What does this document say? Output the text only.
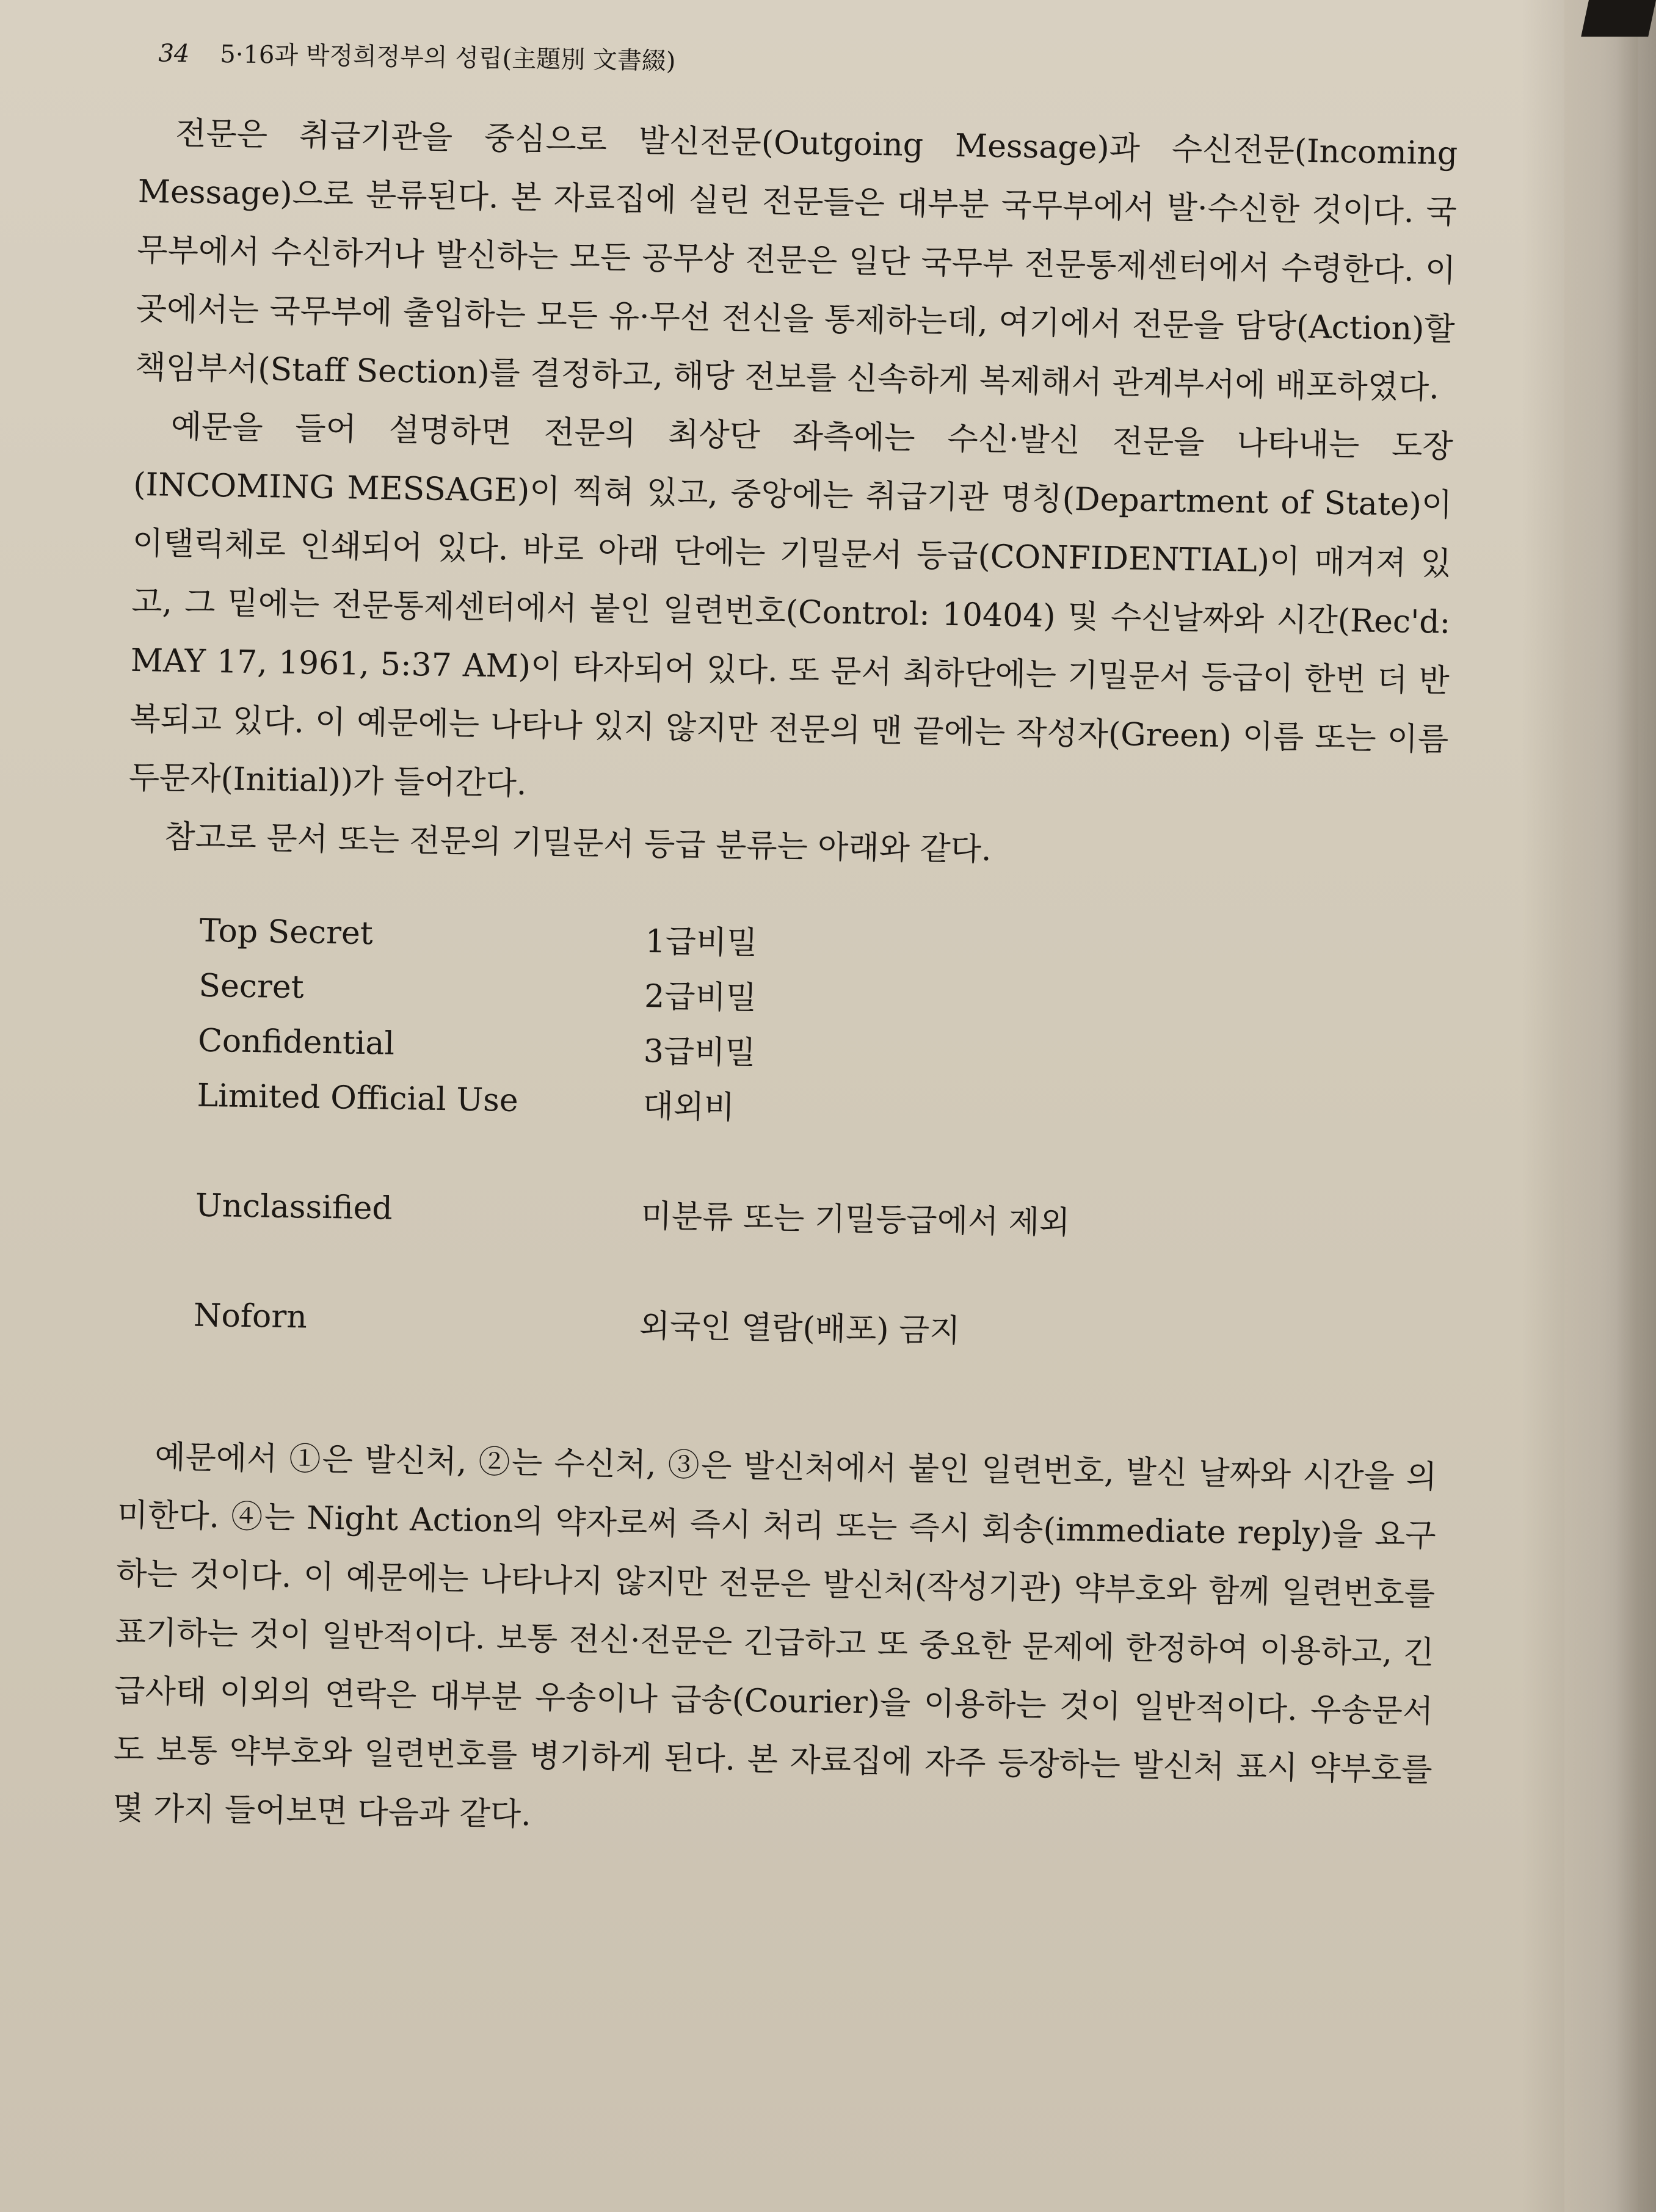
34 5·16과 박정희정부의 성립(主題別 文書綴)
전문은 취급기관을 중심으로 발신전문(Outgoing Message)과 수신전문(Incoming Message)으로 분류된다. 본 자료집에 실린 전문들은 대부분 국무부에서 발·수신한 것이다. 국무부에서 수신하거나 발신하는 모든 공무상 전문은 일단 국무부 전문통제센터에서 수령한다. 이곳에서는 국무부에 출입하는 모든 유·무선 전신을 통제하는데, 여기에서 전문을 담당(Action)할 책임부서(Staff Section)를 결정하고, 해당 전보를 신속하게 복제해서 관계부서에 배포하였다.
예문을 들어 설명하면 전문의 최상단 좌측에는 수신·발신 전문을 나타내는 도장(INCOMING MESSAGE)이 찍혀 있고, 중앙에는 취급기관 명칭(Department of State)이 이탤릭체로 인쇄되어 있다. 바로 아래 단에는 기밀문서 등급(CONFIDENTIAL)이 매겨져 있고, 그 밑에는 전문통제센터에서 붙인 일련번호(Control: 10404) 및 수신날짜와 시간(Rec'd: MAY 17, 1961, 5:37 AM)이 타자되어 있다. 또 문서 최하단에는 기밀문서 등급이 한번 더 반복되고 있다. 이 예문에는 나타나 있지 않지만 전문의 맨 끝에는 작성자(Green) 이름 또는 이름 두문자(Initial))가 들어간다.
참고로 문서 또는 전문의 기밀문서 등급 분류는 아래와 같다.
Top Secret	1급비밀
Secret	2급비밀
Confidential	3급비밀
Limited Official Use	대외비
Unclassified	미분류 또는 기밀등급에서 제외
Noforn	외국인 열람(배포) 금지
예문에서 ①은 발신처, ②는 수신처, ③은 발신처에서 붙인 일련번호, 발신 날짜와 시간을 의미한다. ④는 Night Action의 약자로써 즉시 처리 또는 즉시 회송(immediate reply)을 요구하는 것이다. 이 예문에는 나타나지 않지만 전문은 발신처(작성기관) 약부호와 함께 일련번호를 표기하는 것이 일반적이다. 보통 전신·전문은 긴급하고 또 중요한 문제에 한정하여 이용하고, 긴급사태 이외의 연락은 대부분 우송이나 급송(Courier)을 이용하는 것이 일반적이다. 우송문서도 보통 약부호와 일련번호를 병기하게 된다. 본 자료집에 자주 등장하는 발신처 표시 약부호를 몇 가지 들어보면 다음과 같다.
